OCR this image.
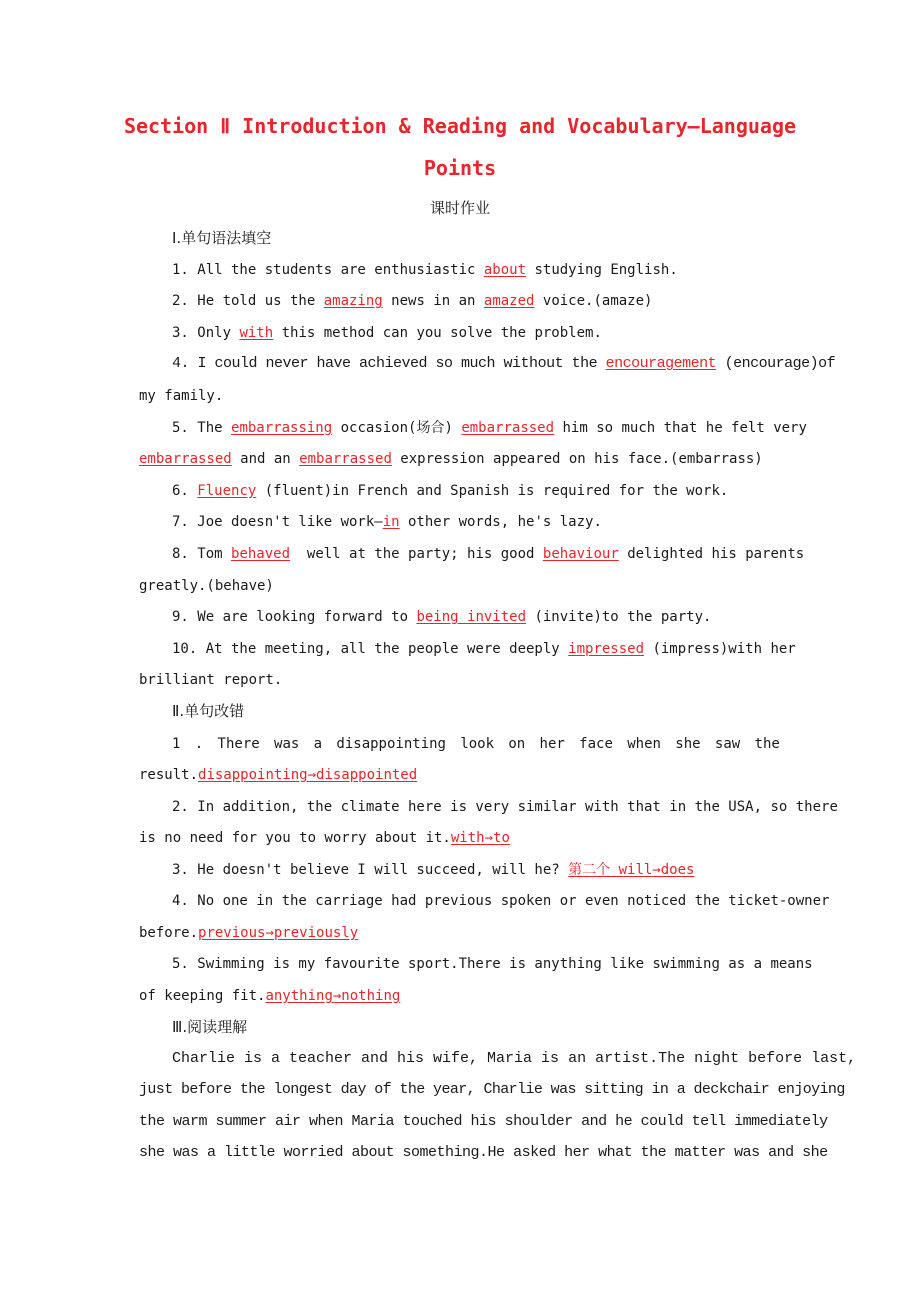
Section Ⅱ Introduction & Reading and Vocabulary—Language
Points
课时作业
Ⅰ.单句语法填空
1. All the students are enthusiastic about studying English.
2. He told us the amazing news in an amazed voice.(amaze)
3. Only with this method can you solve the problem.
4. I could never have achieved so much without the encouragement (encourage)of
my family.
5. The embarrassing occasion(场合) embarrassed him so much that he felt very
embarrassed and an embarrassed expression appeared on his face.(embarrass)
6. Fluency (fluent)in French and Spanish is required for the work.
7. Joe doesn't like work—in other words, he's lazy.
8. Tom behaved  well at the party; his good behaviour delighted his parents
greatly.(behave)
9. We are looking forward to being invited (invite)to the party.
10. At the meeting, all the people were deeply impressed (impress)with her
brilliant report.
Ⅱ.单句改错
1 . There was a disappointing look on her face when she saw the
result.disappointing→disappointed
2. In addition, the climate here is very similar with that in the USA, so there
is no need for you to worry about it.with→to
3. He doesn't believe I will succeed, will he? 第二个 will→does
4. No one in the carriage had previous spoken or even noticed the ticket-owner
before.previous→previously
5. Swimming is my favourite sport.There is anything like swimming as a means
of keeping fit.anything→nothing
Ⅲ.阅读理解
Charlie is a teacher and his wife, Maria is an artist.The night before last,
just before the longest day of the year, Charlie was sitting in a deckchair enjoying
the warm summer air when Maria touched his shoulder and he could tell immediately
she was a little worried about something.He asked her what the matter was and she
